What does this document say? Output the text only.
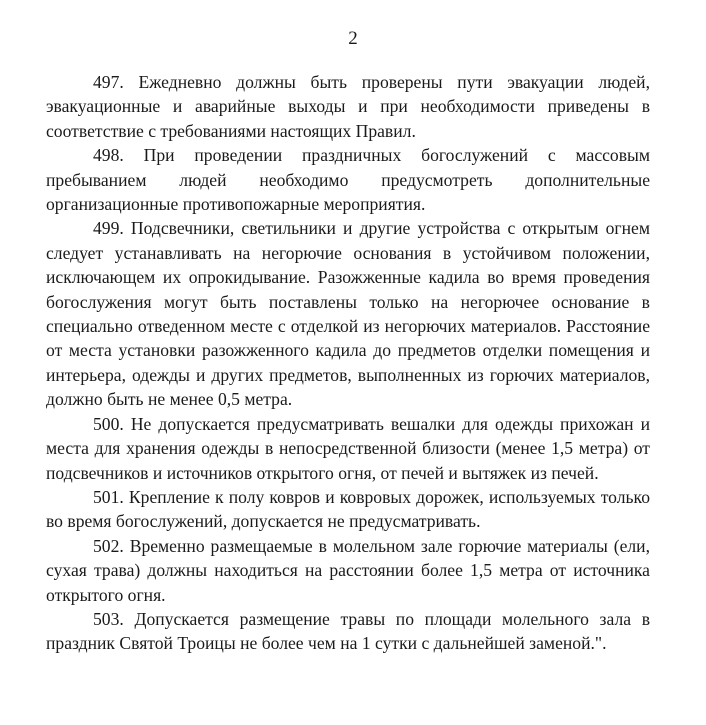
2

497. Ежедневно должны быть проверены пути эвакуации людей, эвакуационные и аварийные выходы и при необходимости приведены в соответствие с требованиями настоящих Правил.

498. При проведении праздничных богослужений с массовым пребыванием людей необходимо предусмотреть дополнительные организационные противопожарные мероприятия.

499. Подсвечники, светильники и другие устройства с открытым огнем следует устанавливать на негорючие основания в устойчивом положении, исключающем их опрокидывание. Разожженные кадила во время проведения богослужения могут быть поставлены только на негорючее основание в специально отведенном месте с отделкой из негорючих материалов. Расстояние от места установки разожженного кадила до предметов отделки помещения и интерьера, одежды и других предметов, выполненных из горючих материалов, должно быть не менее 0,5 метра.

500. Не допускается предусматривать вешалки для одежды прихожан и места для хранения одежды в непосредственной близости (менее 1,5 метра) от подсвечников и источников открытого огня, от печей и вытяжек из печей.

501. Крепление к полу ковров и ковровых дорожек, используемых только во время богослужений, допускается не предусматривать.

502. Временно размещаемые в молельном зале горючие материалы (ели, сухая трава) должны находиться на расстоянии более 1,5 метра от источника открытого огня.

503. Допускается размещение травы по площади молельного зала в праздник Святой Троицы не более чем на 1 сутки с дальнейшей заменой.".
